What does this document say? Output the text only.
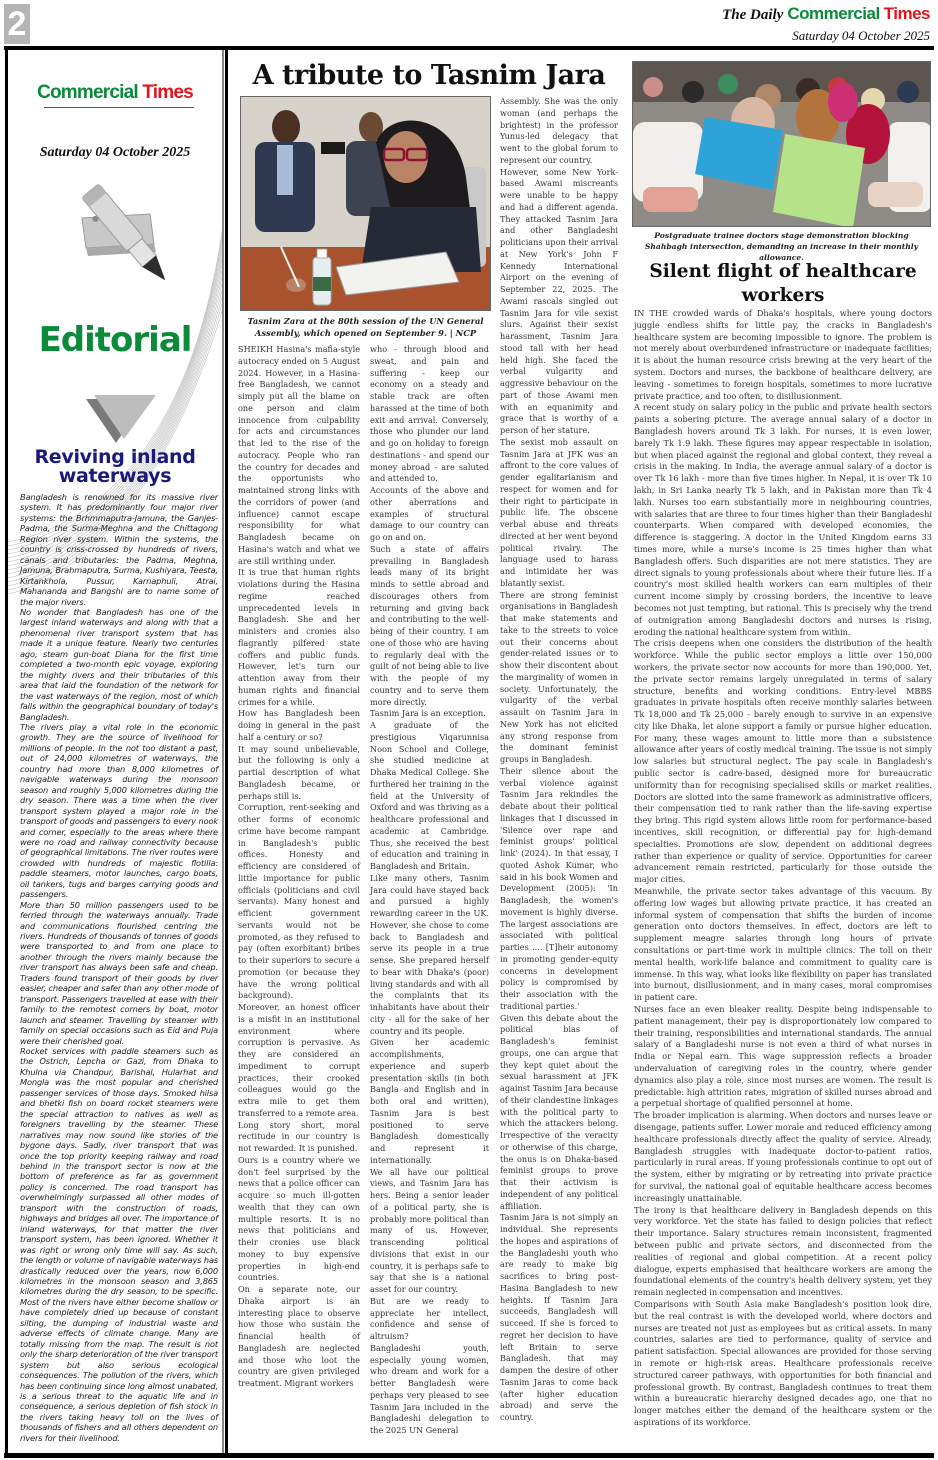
2	The Daily Commercial Times
Saturday 04 October 2025
Commercial Times
Saturday 04 October 2025
Editorial
Reviving inland waterways

Bangladesh is renowned for its massive river system. It has predominantly four major river systems: the Brhmmaputra-Jamuna, the Ganjes-Padma, the Surma-Meghna and the Chittagong Region river system. Within the systems, the country is criss-crossed by hundreds of rivers, canals and tributaries: the Padma, Meghna, Jamuna, Brahmaputra, Surma, Kushiyara, Teesta, Kirtankhola, Pussur, Karnaphuli, Atrai, Mahananda and Bangshi are to name some of the major rivers.

No wonder that Bangladesh has one of the largest inland waterways and along with that a phenomenal river transport system that has made it a unique feature. Nearly two centuries ago, steam gun-boat Diana for the first time completed a two-month epic voyage, exploring the mighty rivers and their tributaries of this area that laid the foundation of the network for the vast waterways of the region, most of which falls within the geographical boundary of today's Bangladesh.

The rivers play a vital role in the economic growth. They are the source of livelihood for millions of people. In the not too distant a past, out of 24,000 kilometres of waterways, the country had more than 8,000 kilometres of navigable waterways during the monsoon season and roughly 5,000 kilometres during the dry season. There was a time when the river transport system played a major role in the transport of goods and passengers to every nook and corner, especially to the areas where there were no road and railway connectivity because of geographical limitations. The river routes were crowded with hundreds of majestic flotilla: paddle steamers, motor launches, cargo boats, oil tankers, tugs and barges carrying goods and passengers.

More than 50 million passengers used to be ferried through the waterways annually. Trade and communications flourished centring the rivers. Hundreds of thousands of tonnes of goods were transported to and from one place to another through the rivers mainly because the river transport has always been safe and cheap. Traders found transport of their goods by river easier, cheaper and safer than any other mode of transport. Passengers travelled at ease with their family to the remotest corners by boat, motor launch and steamer. Travelling by steamer with family on special occasions such as Eid and Puja were their cherished goal.

Rocket services with paddle steamers such as the Ostrich, Lepcha or Gazi, from Dhaka to Khulna via Chandpur, Barishal, Hularhat and Mongla was the most popular and cherished passenger services of those days. Smoked hilsa and bhetki fish on board rocket steamers were the special attraction to natives as well as foreigners travelling by the steamer. These narratives may now sound like stories of the bygone days. Sadly, river transport that was once the top priority keeping railway and road behind in the transport sector is now at the bottom of preference as far as government policy is concerned. The road transport has overwhelmingly surpassed all other modes of transport with the construction of roads, highways and bridges all over. The importance of inland waterways, for that matter the river transport system, has been ignored. Whether it was right or wrong only time will say. As such, the length or volume of navigable waterways has drastically reduced over the years, now 6,000 kilometres in the monsoon season and 3,865 kilometres during the dry season, to be specific. Most of the rivers have either become shallow or have completely dried up because of constant silting, the dumping of industrial waste and adverse effects of climate change. Many are totally missing from the map. The result is not only the sharp deterioration of the river transport system but also serious ecological consequences. The pollution of the rivers, which has been continuing since long almost unabated, is a serious threat to the aquatic life and in consequence, a serious depletion of fish stock in the rivers taking heavy toll on the lives of thousands of fishers and all others dependent on rivers for their livelihood.

A tribute to Tasnim Jara
Tasnim Zara at the 80th session of the UN General Assembly, which opened on September 9. | NCP

SHEIKH Hasina's mafia-style autocracy ended on 5 August 2024. However, in a Hasina-free Bangladesh, we cannot simply put all the blame on one person and claim innocence from culpability for acts and circumstances that led to the rise of the autocracy. People who ran the country for decades and the opportunists who maintained strong links with the corridors of power (and influence) cannot escape responsibility for what Bangladesh became on Hasina's watch and what we are still writhing under.

It is true that human rights violations during the Hasina regime reached unprecedented levels in Bangladesh. She and her ministers and cronies also flagrantly pilfered state coffers and public funds. However, let's turn our attention away from their human rights and financial crimes for a while.

How has Bangladesh been doing in general in the past half a century or so?

It may sound unbelievable, but the following is only a partial description of what Bangladesh became, or perhaps still is.

Corruption, rent-seeking and other forms of economic crime have become rampant in Bangladesh's public offices. Honesty and efficiency are considered of little importance for public officials (politicians and civil servants). Many honest and efficient government servants would not be promoted, as they refused to pay (often exorbitant) bribes to their superiors to secure a promotion (or because they have the wrong political background).

Moreover, an honest officer is a misfit in an institutional environment where corruption is pervasive. As they are considered an impediment to corrupt practices, their crooked colleagues would go the extra mile to get them transferred to a remote area.

Long story short, moral rectitude in our country is not rewarded. It is punished.

Ours is a country where we don't feel surprised by the news that a police officer can acquire so much ill-gotten wealth that they can own multiple resorts. It is no news that politicians and their cronies use black money to buy expensive properties in high-end countries.

On a separate note, our Dhaka airport is an interesting place to observe how those who sustain the financial health of Bangladesh are neglected and those who loot the country are given privileged treatment. Migrant workers

who - through blood and sweat, and pain and suffering - keep our economy on a steady and stable track are often harassed at the time of both exit and arrival. Conversely, those who plunder our land and go on holiday to foreign destinations - and spend our money abroad - are saluted and attended to.

Accounts of the above and other aberrations and examples of structural damage to our country can go on and on.

Such a state of affairs prevailing in Bangladesh leads many of its bright minds to settle abroad and discourages others from returning and giving back and contributing to the well-being of their country. I am one of those who are having to regularly deal with the guilt of not being able to live with the people of my country and to serve them more directly.

Tasnim Jara is an exception.

A graduate of the prestigious Viqarunnisa Noon School and College, she studied medicine at Dhaka Medical College. She furthered her training in the field at the University of Oxford and was thriving as a healthcare professional and academic at Cambridge. Thus, she received the best of education and training in Bangladesh and Britain.

Like many others, Tasnim Jara could have stayed back and pursued a highly rewarding career in the UK. However, she chose to come back to Bangladesh and serve its people in a true sense. She prepared herself to bear with Dhaka's (poor) living standards and with all the complaints that its inhabitants have about their city - all for the sake of her country and its people.

Given her academic accomplishments, experience and superb presentation skills (in both Bangla and English and in both oral and written), Tasnim Jara is best positioned to serve Bangladesh domestically and represent it internationally.

We all have our political views, and Tasnim Jara has hers. Being a senior leader of a political party, she is probably more political than many of us. However, transcending political divisions that exist in our country, it is perhaps safe to say that she is a national asset for our country.

But are we ready to appreciate her intellect, confidence and sense of altruism?

Bangladeshi youth, especially young women, who dream and work for a better Bangladesh were perhaps very pleased to see Tasnim Jara included in the Bangladeshi delegation to the 2025 UN General

Assembly. She was the only woman (and perhaps the brightest) in the professor Yunus-led delegacy that went to the global forum to represent our country.

However, some New York-based Awami miscreants were unable to be happy and had a different agenda. They attacked Tasnim Jara and other Bangladeshi politicians upon their arrival at New York's John F Kennedy International Airport on the evening of September 22, 2025. The Awami rascals singled out Tasnim Jara for vile sexist slurs. Against their sexist harassment, Tasnim Jara stood tall with her head held high. She faced the verbal vulgarity and aggressive behaviour on the part of those Awami men with an equanimity and grace that is worthy of a person of her stature.

The sexist mob assault on Tasnim Jara at JFK was an affront to the core values of gender egalitarianism and respect for women and for their right to participate in public life. The obscene verbal abuse and threats directed at her went beyond political rivalry. The language used to harass and intimidate her was blatantly sexist.

There are strong feminist organisations in Bangladesh that make statements and take to the streets to voice out their concerns about gender-related issues or to show their discontent about the marginality of women in society. Unfortunately, the vulgarity of the verbal assault on Tasnim Jara in New York has not elicited any strong response from the dominant feminist groups in Bangladesh.

Their silence about the verbal violence against Tasnim Jara rekindles the debate about their political linkages that I discussed in 'Silence over rape and feminist groups' political link' (2024). In that essay, I quoted Ashok Kumar, who said in his book Women and Development (2005): 'In Bangladesh, the women's movement is highly diverse. The largest associations are associated with political parties .... [T]heir autonomy in promoting gender-equity concerns in development policy is compromised by their association with the traditional parties.'

Given this debate about the political bias of Bangladesh's feminist groups, one can argue that they kept quiet about the sexual harassment at JFK against Tasnim Jara because of their clandestine linkages with the political party to which the attackers belong. Irrespective of the veracity or otherwise of this charge, the onus is on Dhaka-based feminist groups to prove that their activism is independent of any political affiliation.

Tasnim Jara is not simply an individual. She represents the hopes and aspirations of the Bangladeshi youth who are ready to make big sacrifices to bring post-Hasina Bangladesh to new heights. If Tasnim Jara succeeds, Bangladesh will succeed. If she is forced to regret her decision to have left Britain to serve Bangladesh, that may dampen the desire of other Tasnim Jaras to come back (after higher education abroad) and serve the country.

Postgraduate trainee doctors stage demonstration blocking Shahbagh intersection, demanding an increase in their monthly allowance.
Silent flight of healthcare workers

IN THE crowded wards of Dhaka's hospitals, where young doctors juggle endless shifts for little pay, the cracks in Bangladesh's healthcare system are becoming impossible to ignore. The problem is not merely about overburdened infrastructure or inadequate facilities; it is about the human resource crisis brewing at the very heart of the system. Doctors and nurses, the backbone of healthcare delivery, are leaving - sometimes to foreign hospitals, sometimes to more lucrative private practice, and too often, to disillusionment.

A recent study on salary policy in the public and private health sectors paints a sobering picture. The average annual salary of a doctor in Bangladesh hovers around Tk 3 lakh. For nurses, it is even lower, barely Tk 1.9 lakh. These figures may appear respectable in isolation, but when placed against the regional and global context, they reveal a crisis in the making. In India, the average annual salary of a doctor is over Tk 16 lakh - more than five times higher. In Nepal, it is over Tk 10 lakh, in Sri Lanka nearly Tk 5 lakh, and in Pakistan more than Tk 4 lakh. Nurses too earn substantially more in neighbouring countries, with salaries that are three to four times higher than their Bangladeshi counterparts. When compared with developed economies, the difference is staggering. A doctor in the United Kingdom earns 33 times more, while a nurse's income is 25 times higher than what Bangladesh offers. Such disparities are not mere statistics. They are direct signals to young professionals about where their future lies. If a country's most skilled health workers can earn multiples of their current income simply by crossing borders, the incentive to leave becomes not just tempting, but rational. This is precisely why the trend of outmigration among Bangladeshi doctors and nurses is rising, eroding the national healthcare system from within.

The crisis deepens when one considers the distribution of the health workforce. While the public sector employs a little over 150,000 workers, the private sector now accounts for more than 190,000. Yet, the private sector remains largely unregulated in terms of salary structure, benefits and working conditions. Entry-level MBBS graduates in private hospitals often receive monthly salaries between Tk 18,000 and Tk 25,000 - barely enough to survive in an expensive city like Dhaka, let alone support a family or pursue higher education. For many, these wages amount to little more than a subsistence allowance after years of costly medical training. The issue is not simply low salaries but structural neglect. The pay scale in Bangladesh's public sector is cadre-based, designed more for bureaucratic uniformity than for recognising specialised skills or market realities. Doctors are slotted into the same framework as administrative officers, their compensation tied to rank rather than the life-saving expertise they bring. This rigid system allows little room for performance-based incentives, skill recognition, or differential pay for high-demand specialties. Promotions are slow, dependent on additional degrees rather than experience or quality of service. Opportunities for career advancement remain restricted, particularly for those outside the major cities.

Meanwhile, the private sector takes advantage of this vacuum. By offering low wages but allowing private practice, it has created an informal system of compensation that shifts the burden of income generation onto doctors themselves. In effect, doctors are left to supplement meagre salaries through long hours of private consultations or part-time work in multiple clinics. The toll on their mental health, work-life balance and commitment to quality care is immense. In this way, what looks like flexibility on paper has translated into burnout, disillusionment, and in many cases, moral compromises in patient care.

Nurses face an even bleaker reality. Despite being indispensable to patient management, their pay is disproportionately low compared to their training, responsibilities and international standards. The annual salary of a Bangladeshi nurse is not even a third of what nurses in India or Nepal earn. This wage suppression reflects a broader undervaluation of caregiving roles in the country, where gender dynamics also play a role, since most nurses are women. The result is predictable: high attrition rates, migration of skilled nurses abroad and a perpetual shortage of qualified personnel at home.

The broader implication is alarming. When doctors and nurses leave or disengage, patients suffer. Lower morale and reduced efficiency among healthcare professionals directly affect the quality of service. Already, Bangladesh struggles with inadequate doctor-to-patient ratios, particularly in rural areas. If young professionals continue to opt out of the system, either by migrating or by retreating into private practice for survival, the national goal of equitable healthcare access becomes increasingly unattainable.

The irony is that healthcare delivery in Bangladesh depends on this very workforce. Yet the state has failed to design policies that reflect their importance. Salary structures remain inconsistent, fragmented between public and private sectors, and disconnected from the realities of regional and global competition. At a recent policy dialogue, experts emphasised that healthcare workers are among the foundational elements of the country's health delivery system, yet they remain neglected in compensation and incentives.

Comparisons with South Asia make Bangladesh's position look dire, but the real contrast is with the developed world, where doctors and nurses are treated not just as employees but as critical assets. In many countries, salaries are tied to performance, quality of service and patient satisfaction. Special allowances are provided for those serving in remote or high-risk areas. Healthcare professionals receive structured career pathways, with opportunities for both financial and professional growth. By contrast, Bangladesh continues to treat them within a bureaucratic hierarchy designed decades ago, one that no longer matches either the demand of the healthcare system or the aspirations of its workforce.
